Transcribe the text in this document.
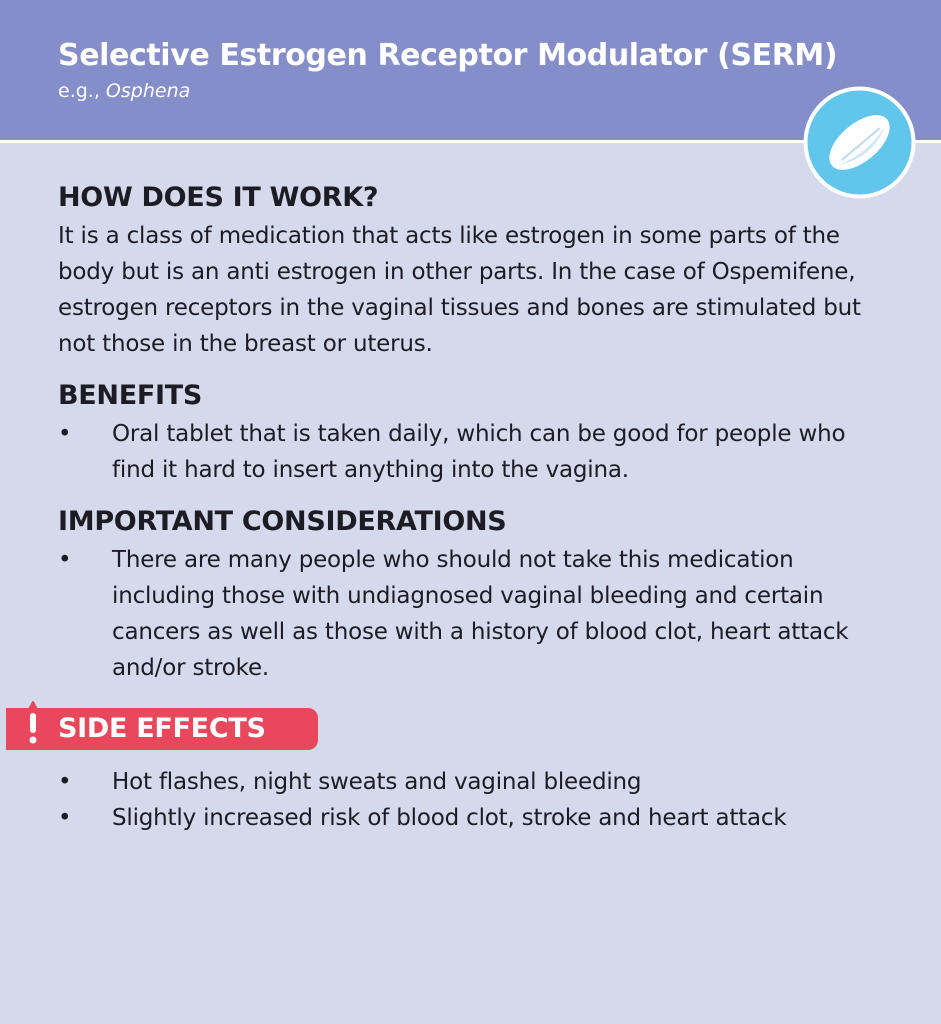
Selective Estrogen Receptor Modulator (SERM)
e.g., Osphena
HOW DOES IT WORK?

It is a class of medication that acts like estrogen in some parts of the body but is an anti estrogen in other parts. In the case of Ospemifene, estrogen receptors in the vaginal tissues and bones are stimulated but not those in the breast or uterus.

BENEFITS
• Oral tablet that is taken daily, which can be good for people who find it hard to insert anything into the vagina.
IMPORTANT CONSIDERATIONS
• There are many people who should not take this medication including those with undiagnosed vaginal bleeding and certain cancers as well as those with a history of blood clot, heart attack and/or stroke.
SIDE EFFECTS
• Hot flashes, night sweats and vaginal bleeding
• Slightly increased risk of blood clot, stroke and heart attack
